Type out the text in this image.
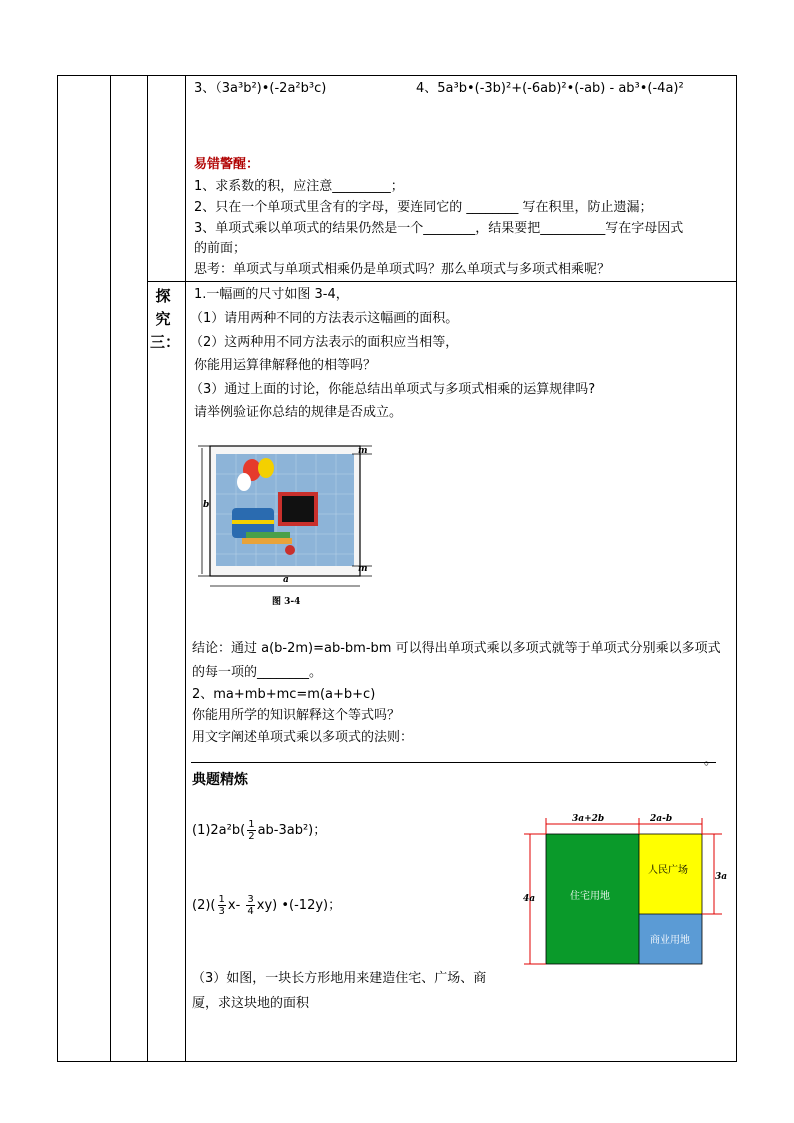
3、（3a³b²)•(-2a²b³c)	4、5a³b•(-3b)²+(-6ab)²•(-ab) - ab³•(-4a)²
易错警醒：
1、求系数的积，应注意_________；
2、只在一个单项式里含有的字母，要连同它的 ________ 写在积里，防止遗漏；
3、单项式乘以单项式的结果仍然是一个________，结果要把__________写在字母因式
的前面；
思考：单项式与单项式相乘仍是单项式吗？那么单项式与多项式相乘呢？
探
究
三：
1.一幅画的尺寸如图 3-4，
（1）请用两种不同的方法表示这幅画的面积。
（2）这两种用不同方法表示的面积应当相等，
你能用运算律解释他的相等吗？
（3）通过上面的讨论，你能总结出单项式与多项式相乘的运算规律吗?
请举例验证你总结的规律是否成立。
b
a
m
m
图 3-4
结论：通过 a(b-2m)=ab-bm-bm 可以得出单项式乘以多项式就等于单项式分别乘以多项式
的每一项的________。
2、ma+mb+mc=m(a+b+c)
你能用所学的知识解释这个等式吗？
用文字阐述单项式乘以多项式的法则：
。
典题精炼
$(1)2a^2b( \frac{1}{2} ab-3ab^2)$；
$(2)( \frac{1}{3} x- \frac{3}{4} xy)$ •(-12y)；
（3）如图，一块长方形地用来建造住宅、广场、商
厦，求这块地的面积
3a+2b	2a-b
4a
3a
住宅用地
人民广场
商业用地
